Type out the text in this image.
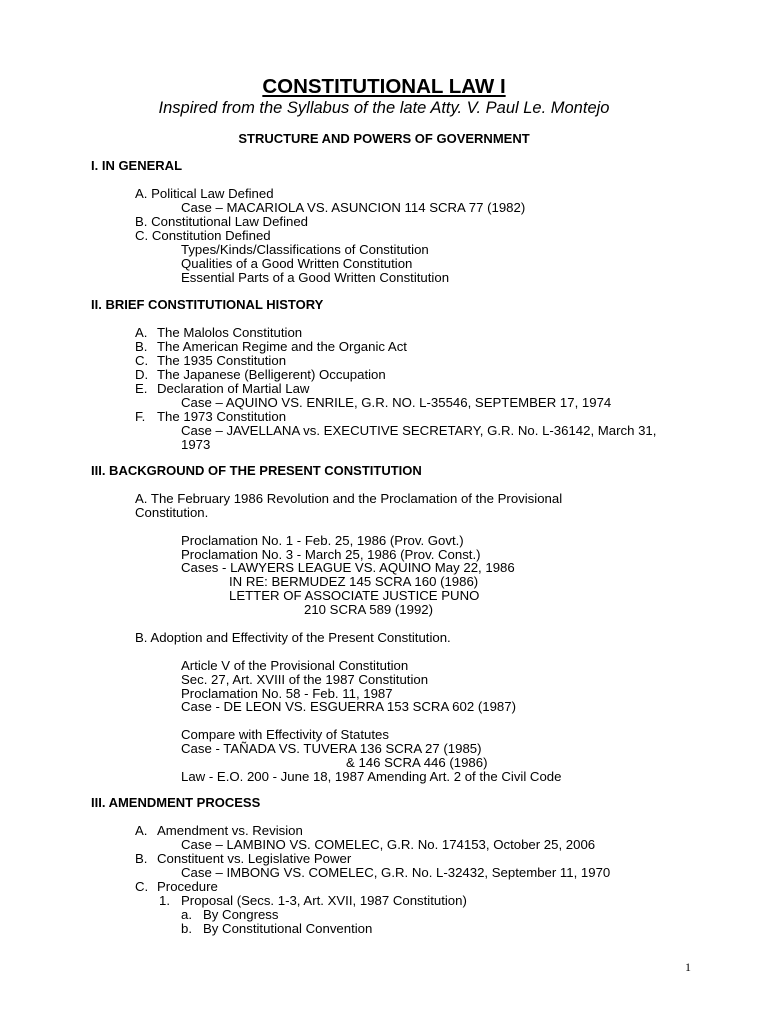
CONSTITUTIONAL LAW I

Inspired from the Syllabus of the late Atty. V. Paul Le. Montejo

STRUCTURE AND POWERS OF GOVERNMENT

I. IN GENERAL
A. Political Law Defined
Case – MACARIOLA VS. ASUNCION 114 SCRA 77 (1982)
B. Constitutional Law Defined
C. Constitution Defined
Types/Kinds/Classifications of Constitution
Qualities of a Good Written Constitution
Essential Parts of a Good Written Constitution
II. BRIEF CONSTITUTIONAL HISTORY
A. The Malolos Constitution
B. The American Regime and the Organic Act
C. The 1935 Constitution
D. The Japanese (Belligerent) Occupation
E. Declaration of Martial Law
Case – AQUINO VS. ENRILE, G.R. NO. L-35546, SEPTEMBER 17, 1974
F. The 1973 Constitution
Case – JAVELLANA vs. EXECUTIVE SECRETARY, G.R. No. L-36142, March 31,
1973
III. BACKGROUND OF THE PRESENT CONSTITUTION
A. The February 1986 Revolution and the Proclamation of the Provisional
Constitution.
Proclamation No. 1 - Feb. 25, 1986 (Prov. Govt.)
Proclamation No. 3 - March 25, 1986 (Prov. Const.)
Cases - LAWYERS LEAGUE VS. AQUINO May 22, 1986
IN RE: BERMUDEZ 145 SCRA 160 (1986)
LETTER OF ASSOCIATE JUSTICE PUNO
210 SCRA 589 (1992)
B. Adoption and Effectivity of the Present Constitution.
Article V of the Provisional Constitution
Sec. 27, Art. XVIII of the 1987 Constitution
Proclamation No. 58 - Feb. 11, 1987
Case - DE LEON VS. ESGUERRA 153 SCRA 602 (1987)
Compare with Effectivity of Statutes
Case - TAÑADA VS. TUVERA 136 SCRA 27 (1985)
& 146 SCRA 446 (1986)
Law - E.O. 200 - June 18, 1987 Amending Art. 2 of the Civil Code
III. AMENDMENT PROCESS
A. Amendment vs. Revision
Case – LAMBINO VS. COMELEC, G.R. No. 174153, October 25, 2006
B. Constituent vs. Legislative Power
Case – IMBONG VS. COMELEC, G.R. No. L-32432, September 11, 1970
C. Procedure
1. Proposal (Secs. 1-3, Art. XVII, 1987 Constitution)
a. By Congress
b. By Constitutional Convention
1
